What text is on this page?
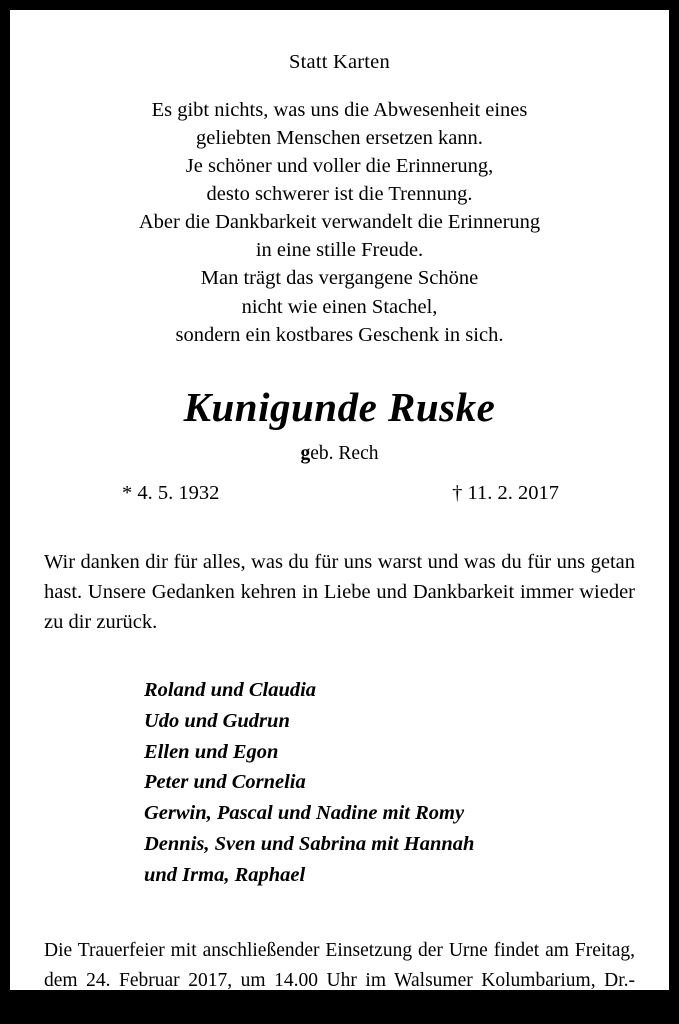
Statt Karten
Es gibt nichts, was uns die Abwesenheit eines
geliebten Menschen ersetzen kann.
Je schöner und voller die Erinnerung,
desto schwerer ist die Trennung.
Aber die Dankbarkeit verwandelt die Erinnerung
in eine stille Freude.
Man trägt das vergangene Schöne
nicht wie einen Stachel,
sondern ein kostbares Geschenk in sich.
Kunigunde Ruske
geb. Rech
* 4. 5. 1932	† 11. 2. 2017
Wir danken dir für alles, was du für uns warst und was du für uns getan hast. Unsere Gedanken kehren in Liebe und Dankbarkeit immer wieder zu dir zurück.
Roland und Claudia
Udo und Gudrun
Ellen und Egon
Peter und Cornelia
Gerwin, Pascal und Nadine mit Romy
Dennis, Sven und Sabrina mit Hannah
und Irma, Raphael
Die Trauerfeier mit anschließender Einsetzung der Urne findet am Freitag, dem 24. Februar 2017, um 14.00 Uhr im Walsumer Kolumbarium, Dr.-Hans-Böckler-Str. 304, 47179 Duisburg statt.
